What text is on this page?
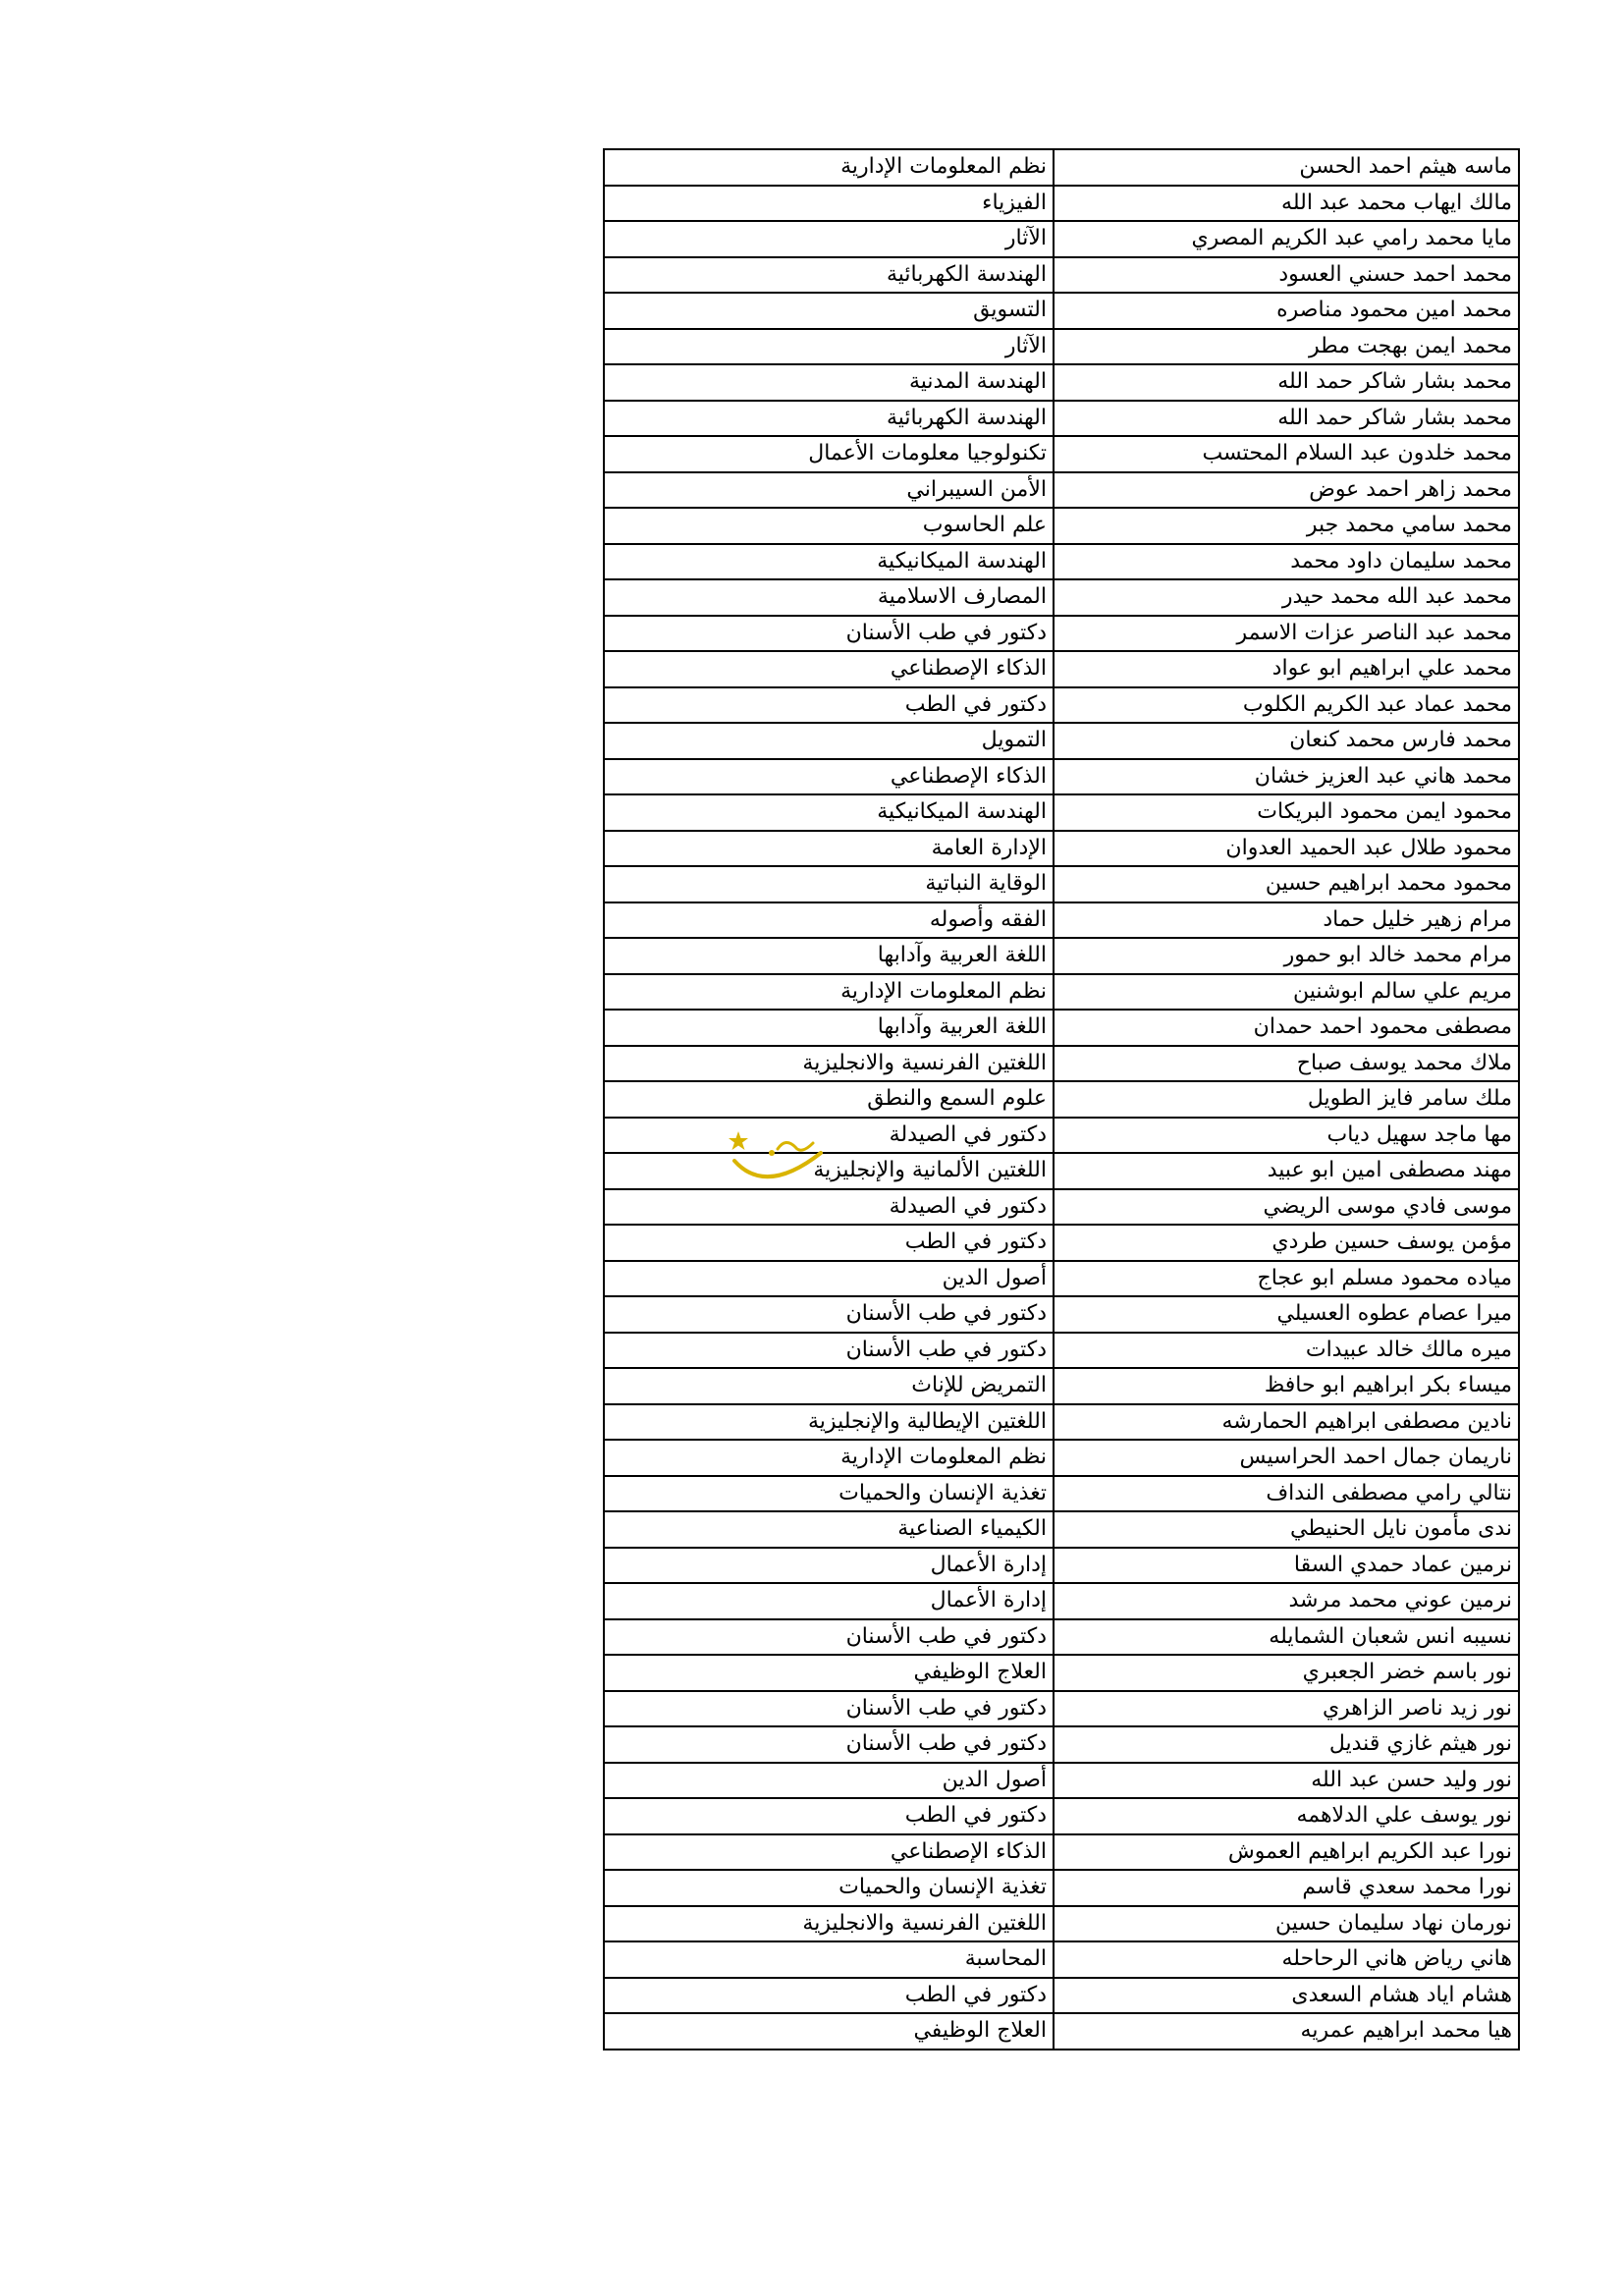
ماسه هيثم احمد الحسن	نظم المعلومات الإدارية
مالك ايهاب محمد عبد الله	الفيزياء
مايا محمد رامي عبد الكريم المصري	الآثار
محمد احمد حسني العسود	الهندسة الكهربائية
محمد امين محمود مناصره	التسويق
محمد ايمن بهجت مطر	الآثار
محمد بشار شاكر حمد الله	الهندسة المدنية
محمد بشار شاكر حمد الله	الهندسة الكهربائية
محمد خلدون عبد السلام المحتسب	تكنولوجيا معلومات الأعمال
محمد زاهر احمد عوض	الأمن السيبراني
محمد سامي محمد جبر	علم الحاسوب
محمد سليمان داود محمد	الهندسة الميكانيكية
محمد عبد الله محمد حيدر	المصارف الاسلامية
محمد عبد الناصر عزات الاسمر	دكتور في طب الأسنان
محمد علي ابراهيم ابو عواد	الذكاء الإصطناعي
محمد عماد عبد الكريم الكلوب	دكتور في الطب
محمد فارس محمد كنعان	التمويل
محمد هاني عبد العزيز خشان	الذكاء الإصطناعي
محمود ايمن محمود البريكات	الهندسة الميكانيكية
محمود طلال عبد الحميد العدوان	الإدارة العامة
محمود محمد ابراهيم حسين	الوقاية النباتية
مرام زهير خليل حماد	الفقه وأصوله
مرام محمد خالد ابو حمور	اللغة العربية وآدابها
مريم علي سالم ابوشنين	نظم المعلومات الإدارية
مصطفى محمود احمد حمدان	اللغة العربية وآدابها
ملاك محمد يوسف صباح	اللغتين الفرنسية والانجليزية
ملك سامر فايز الطويل	علوم السمع والنطق
مها ماجد سهيل دياب	دكتور في الصيدلة
مهند مصطفى امين ابو عبيد	اللغتين الألمانية والإنجليزية
موسى فادي موسى الريضي	دكتور في الصيدلة
مؤمن يوسف حسين طردي	دكتور في الطب
مياده محمود مسلم ابو عجاج	أصول الدين
ميرا عصام عطوه العسيلي	دكتور في طب الأسنان
ميره مالك خالد عبيدات	دكتور في طب الأسنان
ميساء بكر ابراهيم ابو حافظ	التمريض للإناث
نادين مصطفى ابراهيم الحمارشه	اللغتين الإيطالية والإنجليزية
ناريمان جمال احمد الحراسيس	نظم المعلومات الإدارية
نتالي رامي مصطفى النداف	تغذية الإنسان والحميات
ندى مأمون نايل الحنيطي	الكيمياء الصناعية
نرمين عماد حمدي السقا	إدارة الأعمال
نرمين عوني محمد مرشد	إدارة الأعمال
نسيبه انس شعبان الشمايله	دكتور في طب الأسنان
نور باسم خضر الجعبري	العلاج الوظيفي
نور زيد ناصر الزاهري	دكتور في طب الأسنان
نور هيثم غازي قنديل	دكتور في طب الأسنان
نور وليد حسن عبد الله	أصول الدين
نور يوسف علي الدلاهمه	دكتور في الطب
نورا عبد الكريم ابراهيم العموش	الذكاء الإصطناعي
نورا محمد سعدي قاسم	تغذية الإنسان والحميات
نورمان نهاد سليمان حسين	اللغتين الفرنسية والانجليزية
هاني رياض هاني الرحاحله	المحاسبة
هشام اياد هشام السعدى	دكتور في الطب
هيا محمد ابراهيم عمريه	العلاج الوظيفي
